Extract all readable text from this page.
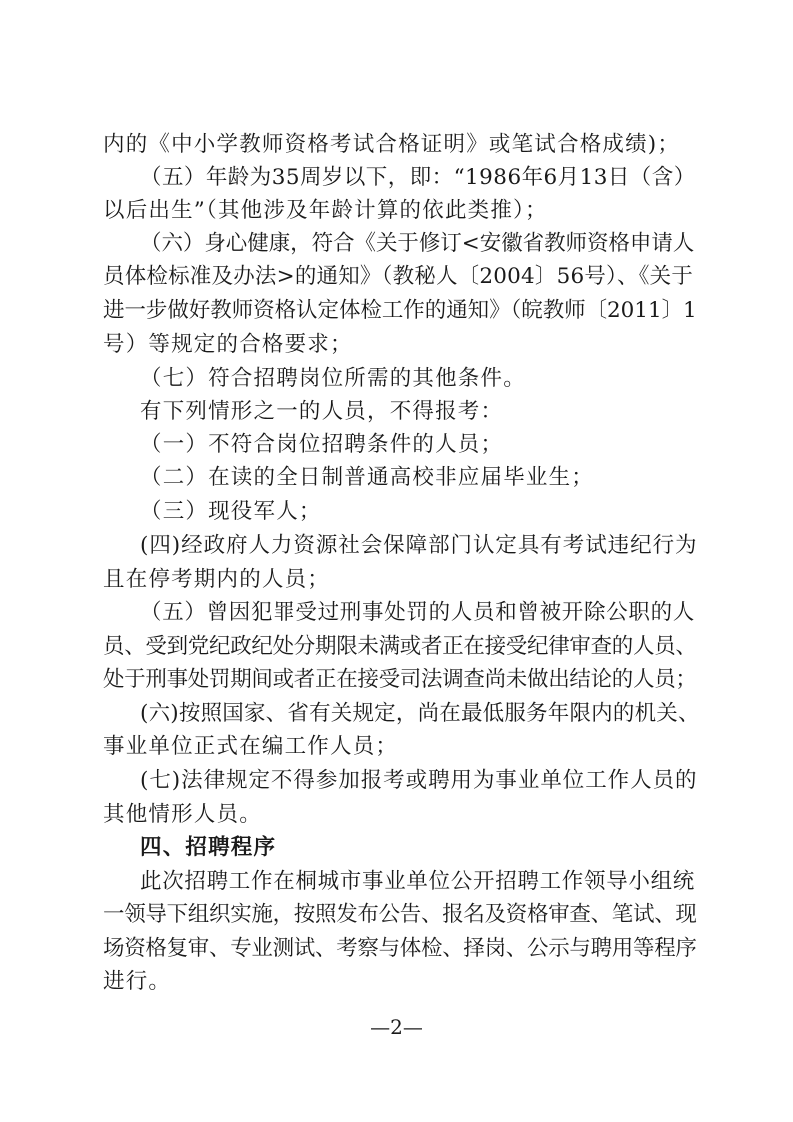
内的《中小学教师资格考试合格证明》或笔试合格成绩)；
（五）年龄为35周岁以下，即：“1986年6月13日（含）
以后出生”（其他涉及年龄计算的依此类推）；
（六）身心健康，符合《关于修订<安徽省教师资格申请人
员体检标准及办法>的通知》（教秘人〔2004〕56号）、《关于
进一步做好教师资格认定体检工作的通知》（皖教师〔2011〕1
号）等规定的合格要求；
（七）符合招聘岗位所需的其他条件。
有下列情形之一的人员，不得报考：
（一）不符合岗位招聘条件的人员；
（二）在读的全日制普通高校非应届毕业生；
（三）现役军人；
(四)经政府人力资源社会保障部门认定具有考试违纪行为
且在停考期内的人员；
（五）曾因犯罪受过刑事处罚的人员和曾被开除公职的人
员、受到党纪政纪处分期限未满或者正在接受纪律审查的人员、
处于刑事处罚期间或者正在接受司法调查尚未做出结论的人员；
(六)按照国家、省有关规定，尚在最低服务年限内的机关、
事业单位正式在编工作人员；
(七)法律规定不得参加报考或聘用为事业单位工作人员的
其他情形人员。
四、招聘程序
此次招聘工作在桐城市事业单位公开招聘工作领导小组统
一领导下组织实施，按照发布公告、报名及资格审查、笔试、现
场资格复审、专业测试、考察与体检、择岗、公示与聘用等程序
进行。
—2—
